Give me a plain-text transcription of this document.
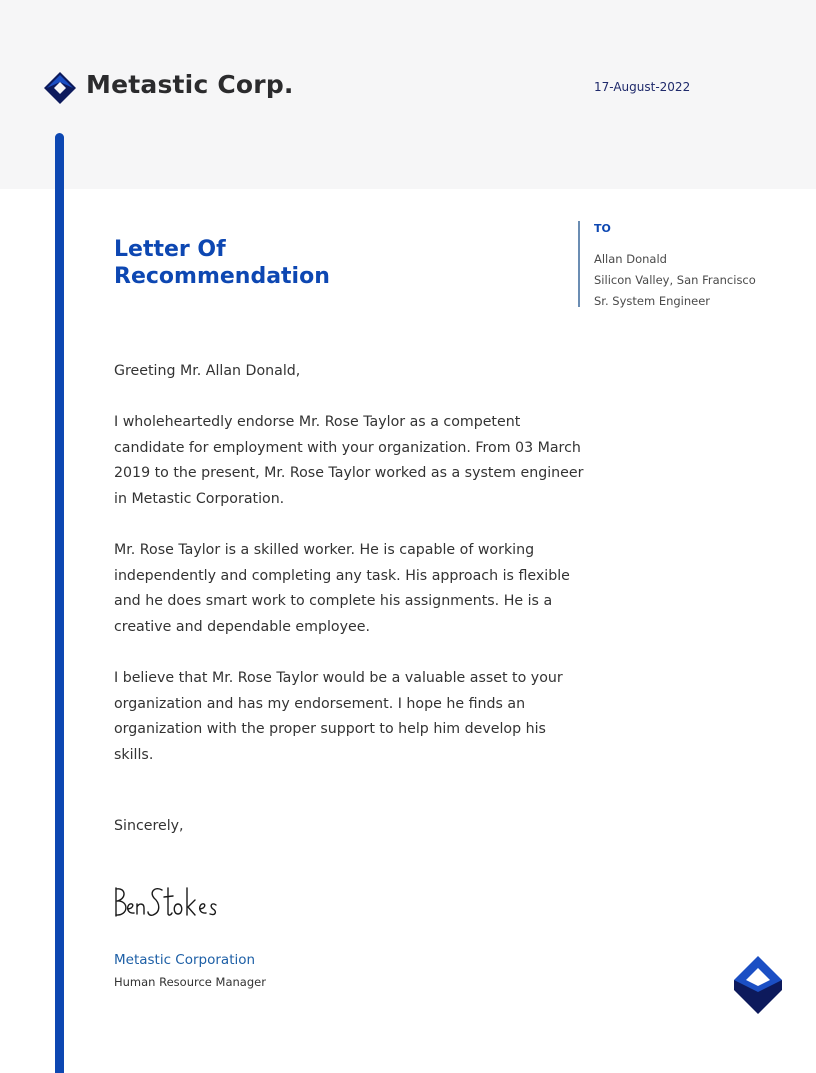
Metastic Corp.	17-August-2022
Letter Of
Recommendation
TO
Allan Donald
Silicon Valley, San Francisco
Sr. System Engineer

Greeting Mr. Allan Donald,

I wholeheartedly endorse Mr. Rose Taylor as a competent candidate for employment with your organization. From 03 March 2019 to the present, Mr. Rose Taylor worked as a system engineer in Metastic Corporation.

Mr. Rose Taylor is a skilled worker. He is capable of working independently and completing any task. His approach is flexible and he does smart work to complete his assignments. He is a creative and dependable employee.

I believe that Mr. Rose Taylor would be a valuable asset to your organization and has my endorsement. I hope he finds an organization with the proper support to help him develop his skills.

Sincerely,
Metastic Corporation
Human Resource Manager
